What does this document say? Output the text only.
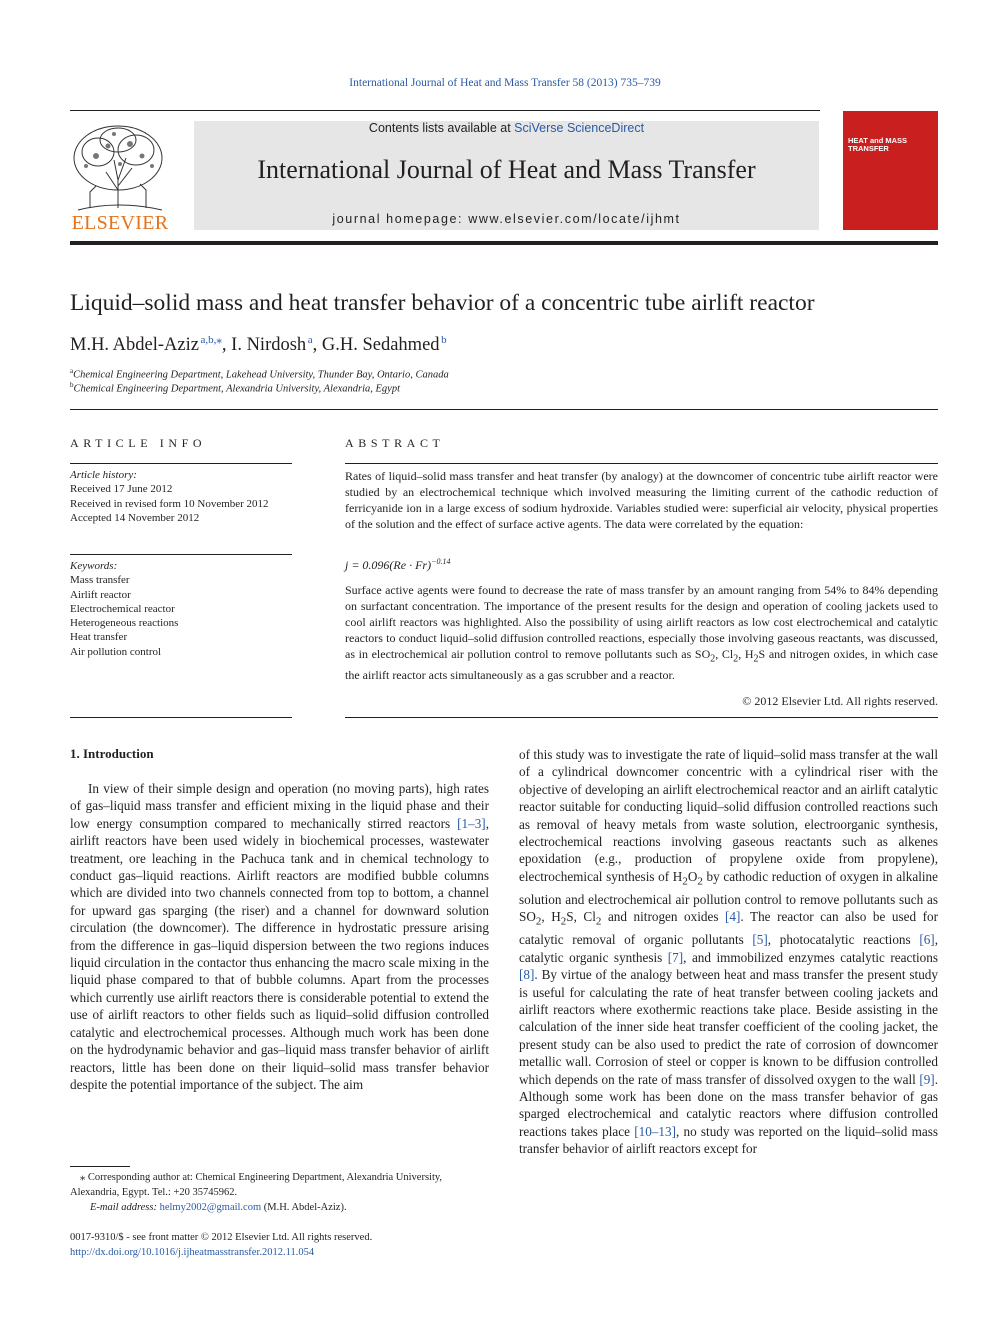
International Journal of Heat and Mass Transfer 58 (2013) 735–739
ELSEVIER
Contents lists available at SciVerse ScienceDirect
International Journal of Heat and Mass Transfer
journal homepage: www.elsevier.com/locate/ijhmt
HEAT and MASS TRANSFER
Liquid–solid mass and heat transfer behavior of a concentric tube airlift reactor
M.H. Abdel-Aziz  $^{a,b,⁎}$, I. Nirdosh  $^a$, G.H. Sedahmed  $^b$
$^a$Chemical Engineering Department, Lakehead University, Thunder Bay, Ontario, Canada
$^b$Chemical Engineering Department, Alexandria University, Alexandria, Egypt
ARTICLE INFO
Article history:
Received 17 June 2012
Received in revised form 10 November 2012
Accepted 14 November 2012
Keywords:
Mass transfer
Airlift reactor
Electrochemical reactor
Heterogeneous reactions
Heat transfer
Air pollution control
ABSTRACT
Rates of liquid–solid mass transfer and heat transfer (by analogy) at the downcomer of concentric tube airlift reactor were studied by an electrochemical technique which involved measuring the limiting current of the cathodic reduction of ferricyanide ion in a large excess of sodium hydroxide. Variables studied were: superficial air velocity, physical properties of the solution and the effect of surface active agents. The data were correlated by the equation:
$j = 0.096(Re \cdot Fr)^{-0.14}$
Surface active agents were found to decrease the rate of mass transfer by an amount ranging from 54% to 84% depending on surfactant concentration. The importance of the present results for the design and operation of cooling jackets used to cool airlift reactors was highlighted. Also the possibility of using airlift reactors as low cost electrochemical and catalytic reactors to conduct liquid–solid diffusion controlled reactions, especially those involving gaseous reactants, was discussed, as in electrochemical air pollution control to remove pollutants such as $SO_2$, $Cl_2$, $H_2S$ and nitrogen oxides, in which case the airlift reactor acts simultaneously as a gas scrubber and a reactor.
© 2012 Elsevier Ltd. All rights reserved.
1. Introduction

In view of their simple design and operation (no moving parts), high rates of gas–liquid mass transfer and efficient mixing in the liquid phase and their low energy consumption compared to mechanically stirred reactors [1–3], airlift reactors have been used widely in biochemical processes, wastewater treatment, ore leaching in the Pachuca tank and in chemical technology to conduct gas–liquid reactions. Airlift reactors are modified bubble columns which are divided into two channels connected from top to bottom, a channel for upward gas sparging (the riser) and a channel for downward solution circulation (the downcomer). The difference in hydrostatic pressure arising from the difference in gas–liquid dispersion between the two regions induces liquid circulation in the contactor thus enhancing the macro scale mixing in the liquid phase compared to that of bubble columns. Apart from the processes which currently use airlift reactors there is considerable potential to extend the use of airlift reactors to other fields such as liquid–solid diffusion controlled catalytic and electrochemical processes. Although much work has been done on the hydrodynamic behavior and gas–liquid mass transfer behavior of airlift reactors, little has been done on their liquid–solid mass transfer behavior despite the potential importance of the subject. The aim

⁎ Corresponding author at: Chemical Engineering Department, Alexandria University, Alexandria, Egypt. Tel.: +20 35745962.
E-mail address: helmy2002@gmail.com (M.H. Abdel-Aziz).
0017-9310/$ - see front matter © 2012 Elsevier Ltd. All rights reserved.
http://dx.doi.org/10.1016/j.ijheatmasstransfer.2012.11.054

of this study was to investigate the rate of liquid–solid mass transfer at the wall of a cylindrical downcomer concentric with a cylindrical riser with the objective of developing an airlift electrochemical reactor and an airlift catalytic reactor suitable for conducting liquid–solid diffusion controlled reactions such as removal of heavy metals from waste solution, electroorganic synthesis, electrochemical reactions involving gaseous reactants such as alkenes epoxidation (e.g., production of propylene oxide from propylene), electrochemical synthesis of $H_2O_2$ by cathodic reduction of oxygen in alkaline solution and electrochemical air pollution control to remove pollutants such as $SO_2$, $H_2S$, $Cl_2$ and nitrogen oxides [4]. The reactor can also be used for catalytic removal of organic pollutants [5], photocatalytic reactions [6], catalytic organic synthesis [7], and immobilized enzymes catalytic reactions [8]. By virtue of the analogy between heat and mass transfer the present study is useful for calculating the rate of heat transfer between cooling jackets and airlift reactors where exothermic reactions take place. Beside assisting in the calculation of the inner side heat transfer coefficient of the cooling jacket, the present study can be also used to predict the rate of corrosion of downcomer metallic wall. Corrosion of steel or copper is known to be diffusion controlled which depends on the rate of mass transfer of dissolved oxygen to the wall [9]. Although some work has been done on the mass transfer behavior of gas sparged electrochemical and catalytic reactors where diffusion controlled reactions takes place [10–13], no study was reported on the liquid–solid mass transfer behavior of airlift reactors except for
